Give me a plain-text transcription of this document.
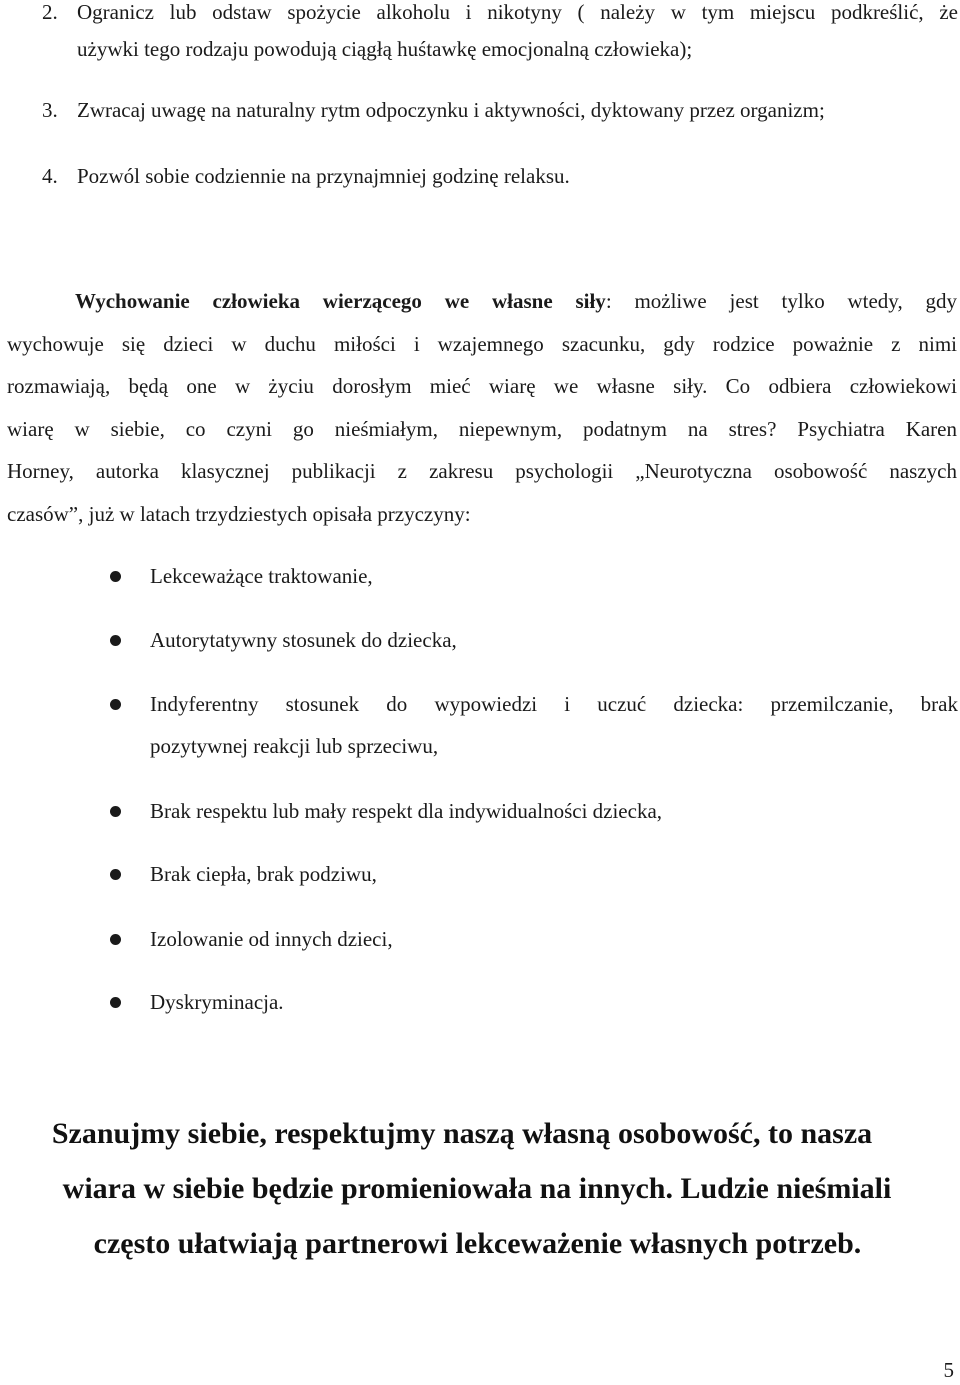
2. Ogranicz lub odstaw spożycie alkoholu i nikotyny ( należy w tym miejscu podkreślić, że
używki tego rodzaju powodują ciągłą huśtawkę emocjonalną człowieka);
3. Zwracaj uwagę na naturalny rytm odpoczynku i aktywności, dyktowany przez organizm;
4. Pozwól sobie codziennie na przynajmniej godzinę relaksu.
Wychowanie człowieka wierzącego we własne siły: możliwe jest tylko wtedy, gdy
wychowuje się dzieci w duchu miłości i wzajemnego szacunku, gdy rodzice poważnie z nimi
rozmawiają, będą one w życiu dorosłym mieć wiarę we własne siły. Co odbiera człowiekowi
wiarę w siebie, co czyni go nieśmiałym, niepewnym, podatnym na stres? Psychiatra Karen
Horney, autorka klasycznej publikacji z zakresu psychologii „Neurotyczna osobowość naszych
czasów”, już w latach trzydziestych opisała przyczyny:
Lekceważące traktowanie,
Autorytatywny stosunek do dziecka,
Indyferentny stosunek do wypowiedzi i uczuć dziecka: przemilczanie, brak
pozytywnej reakcji lub sprzeciwu,
Brak respektu lub mały respekt dla indywidualności dziecka,
Brak ciepła, brak podziwu,
Izolowanie od innych dzieci,
Dyskryminacja.
Szanujmy siebie, respektujmy naszą własną osobowość, to nasza
wiara w siebie będzie promieniowała na innych. Ludzie nieśmiali
często ułatwiają partnerowi lekceważenie własnych potrzeb.
5
